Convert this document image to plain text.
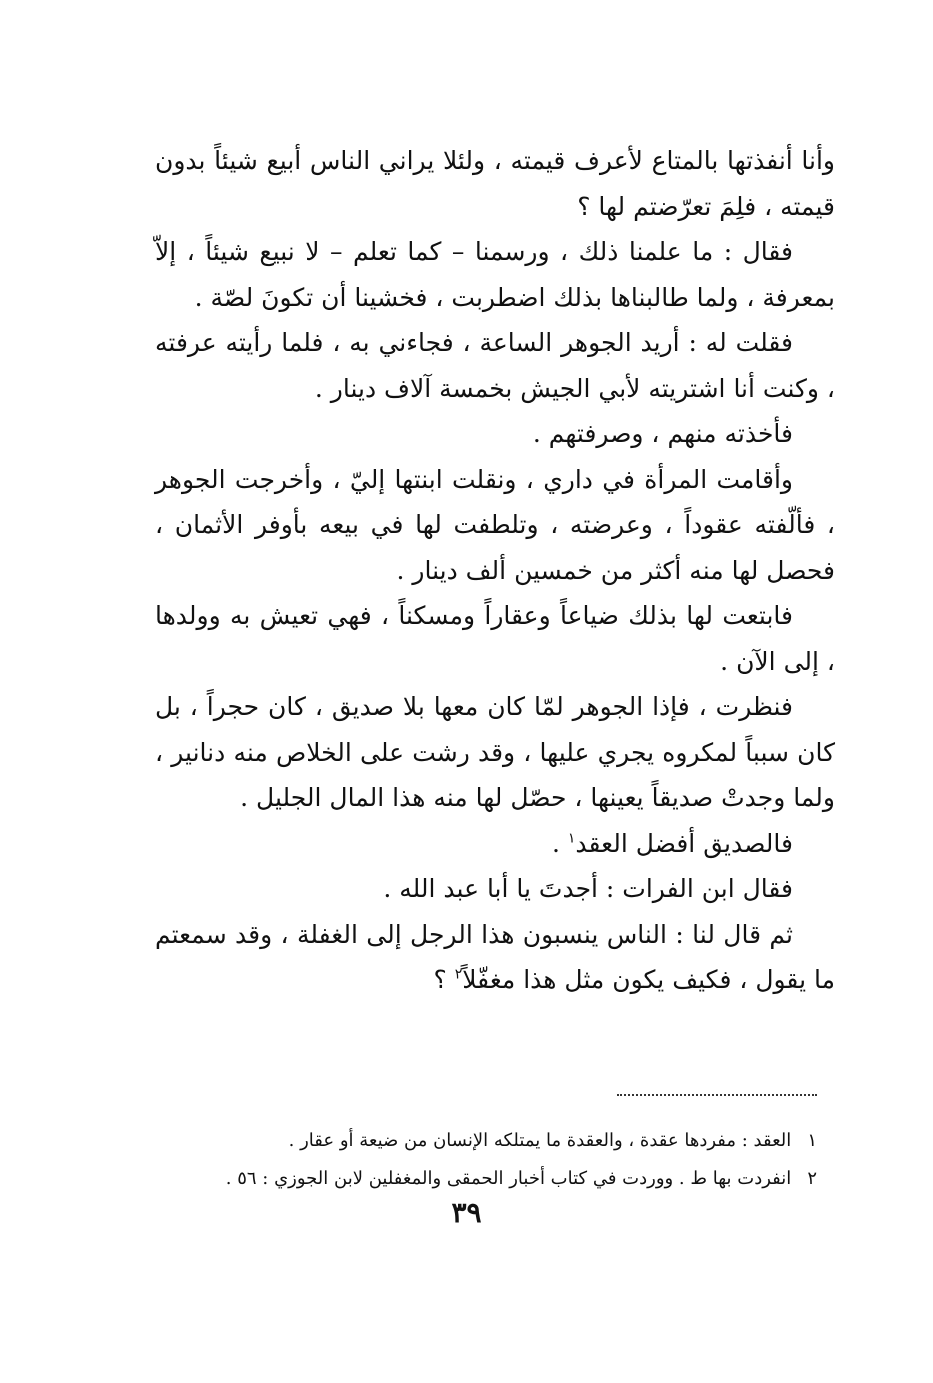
وأنا أنفذتها بالمتاع لأعرف قيمته ، ولئلا يراني الناس أبيع شيئاً بدون قيمته ، فلِمَ تعرّضتم لها ؟

فقال : ما علمنا ذلك ، ورسمنا – كما تعلم – لا نبيع شيئاً ، إلاّ بمعرفة ، ولما طالبناها بذلك اضطربت ، فخشينا أن تكونَ لصّة .

فقلت له : أريد الجوهر الساعة ، فجاءني به ، فلما رأيته عرفته ، وكنت أنا اشتريته لأبي الجيش بخمسة آلاف دينار .

فأخذته منهم ، وصرفتهم .

وأقامت المرأة في داري ، ونقلت ابنتها إليّ ، وأخرجت الجوهر ، فألّفته عقوداً ، وعرضته ، وتلطفت لها في بيعه بأوفر الأثمان ، فحصل لها منه أكثر من خمسين ألف دينار .

فابتعت لها بذلك ضياعاً وعقاراً ومسكناً ، فهي تعيش به وولدها ، إلى الآن .

فنظرت ، فإذا الجوهر لمّا كان معها بلا صديق ، كان حجراً ، بل كان سبباً لمكروه يجري عليها ، وقد رشت على الخلاص منه دنانير ، ولما وجدتْ صديقاً يعينها ، حصّل لها منه هذا المال الجليل .

فالصديق أفضل العقد$^١$ .

فقال ابن الفرات : أجدتَ يا أبا عبد الله .

ثم قال لنا : الناس ينسبون هذا الرجل إلى الغفلة ، وقد سمعتم ما يقول ، فكيف يكون مثل هذا مغفّلاً$^٢$ ؟

١ العقد : مفردها عقدة ، والعقدة ما يمتلكه الإنسان من ضيعة أو عقار .

٢ انفردت بها ط . ووردت في كتاب أخبار الحمقى والمغفلين لابن الجوزي : ٥٦ .

٣٩
